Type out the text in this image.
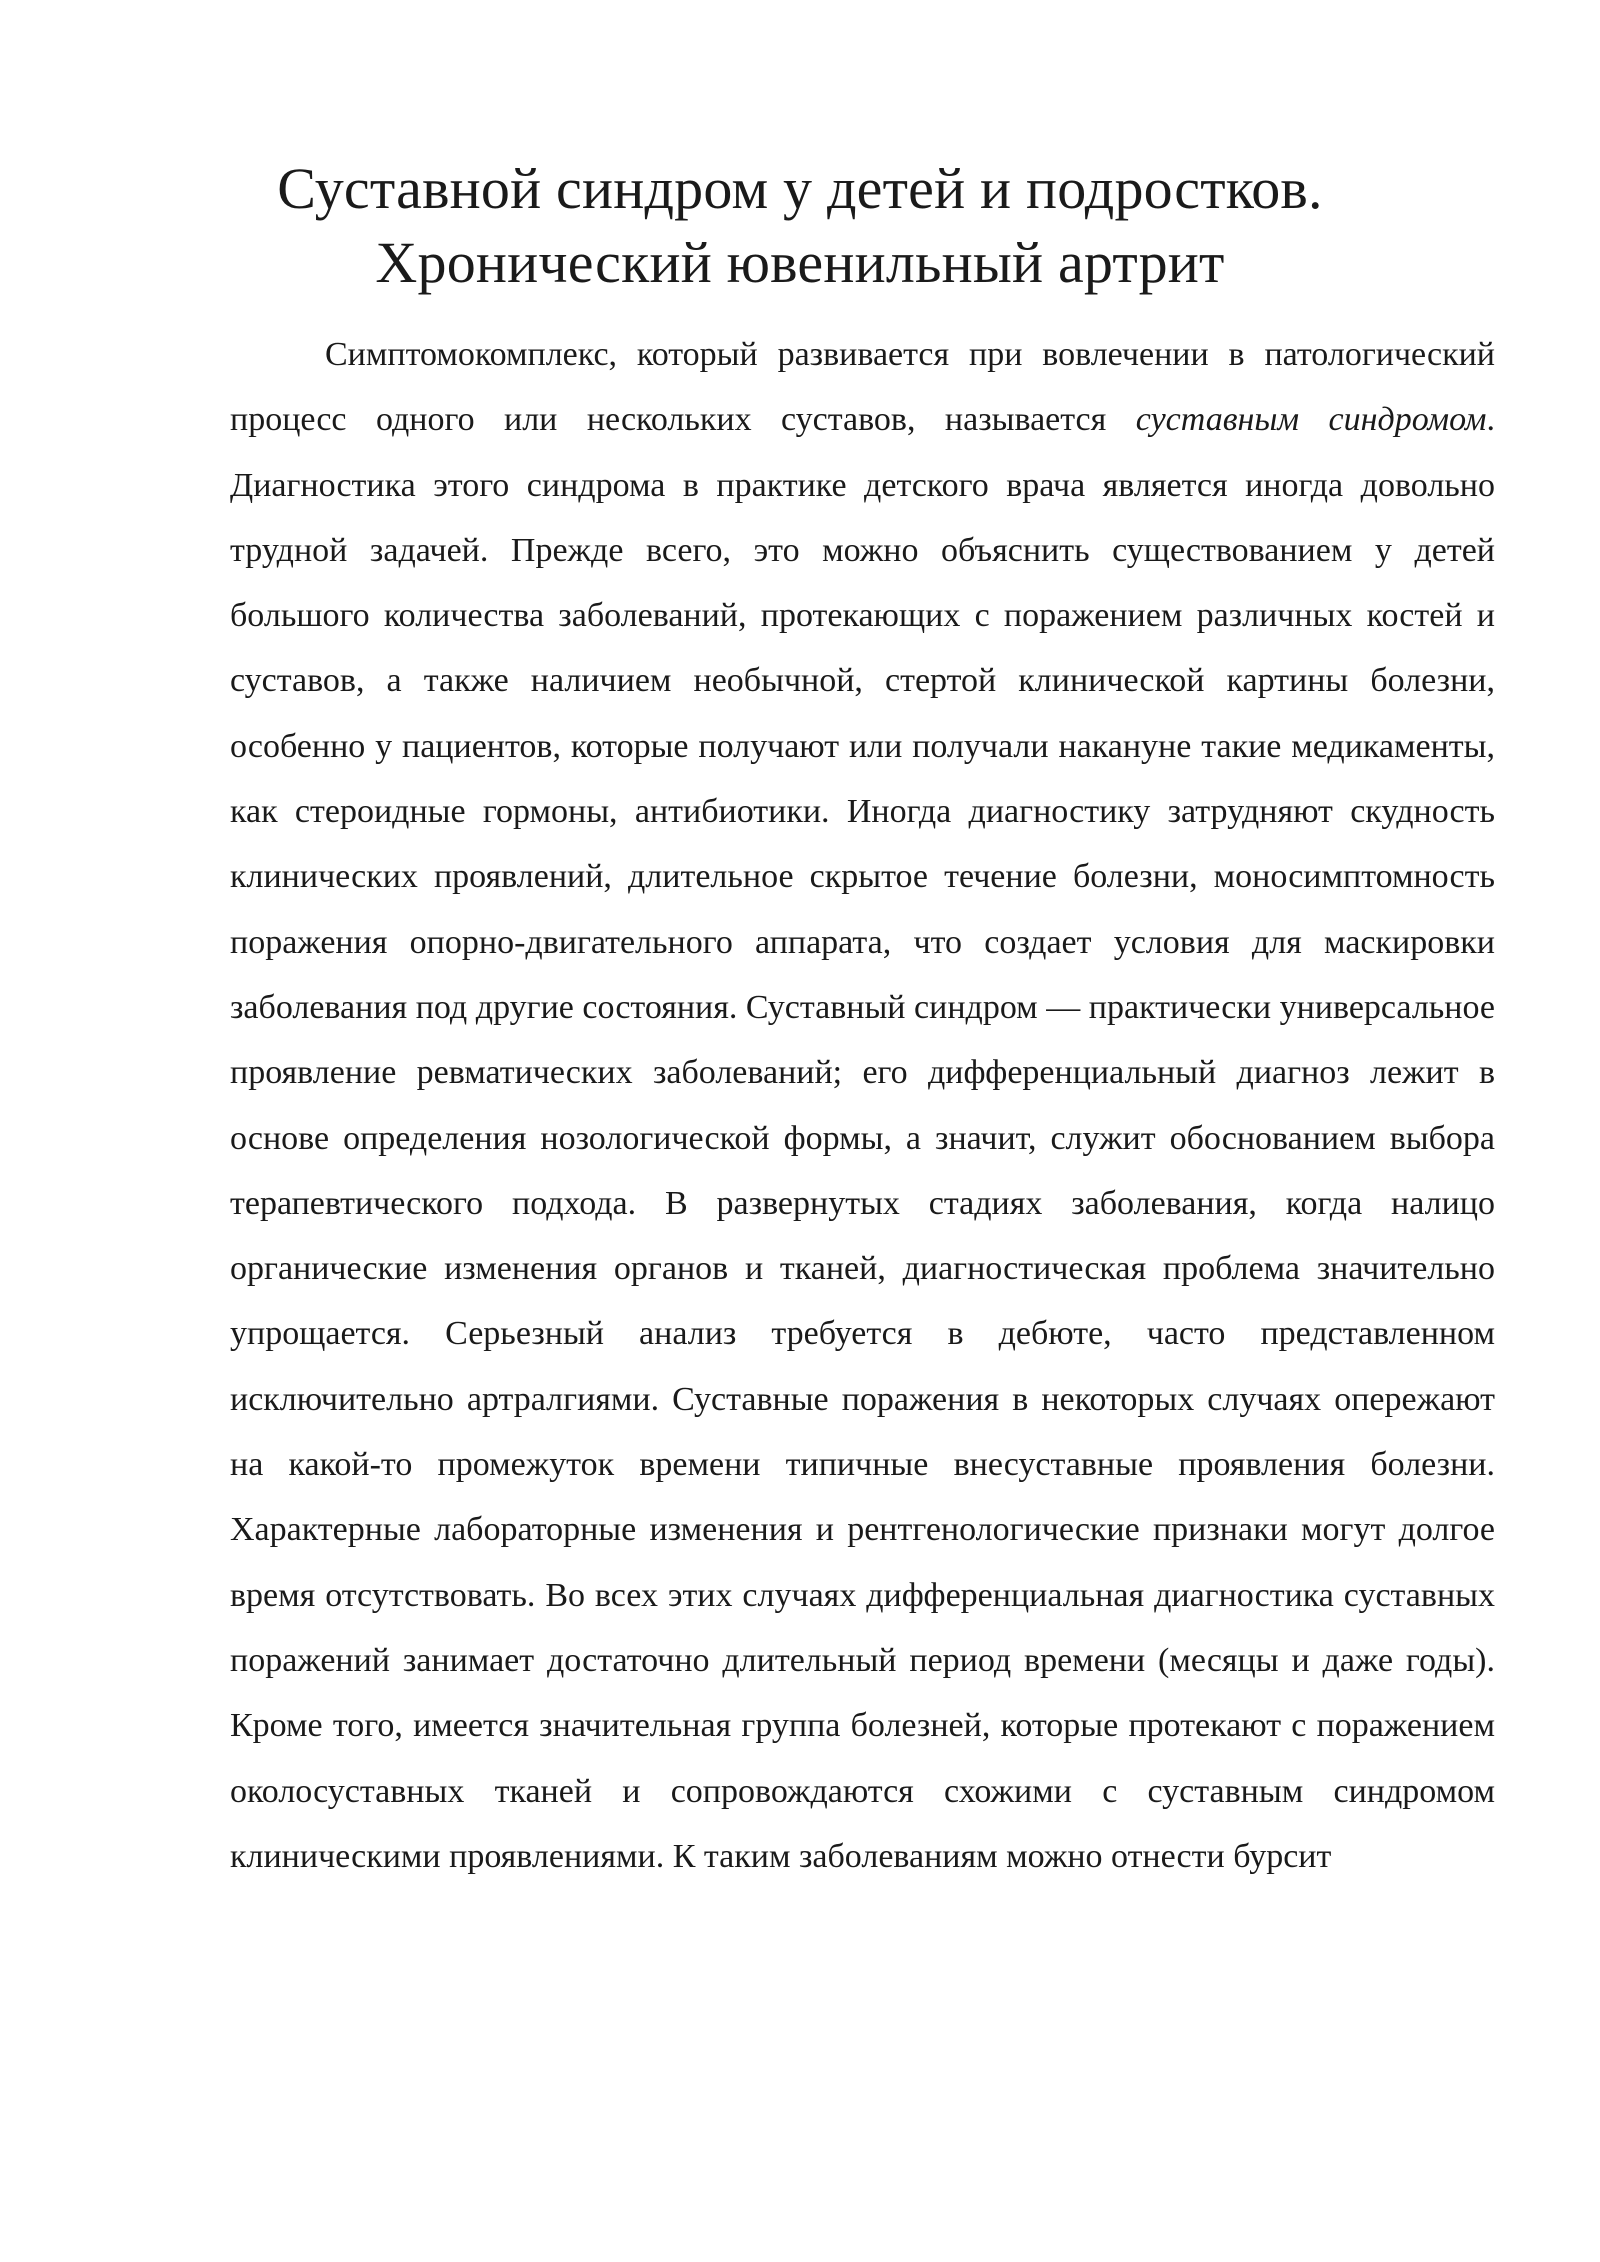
Суставной синдром у детей и подростков.
Хронический ювенильный артрит

Симптомокомплекс, который развивается при вовлечении в патологический процесс одного или нескольких суставов, называется суставным синдромом. Диагностика этого синдрома в практике детского врача является иногда довольно трудной задачей. Прежде всего, это можно объяснить существованием у детей большого количества заболеваний, протекающих с поражением различных костей и суставов, а также наличием необычной, стертой клинической картины болезни, особенно у пациентов, которые получают или получали накануне такие медикаменты, как стероидные гормоны, антибиотики. Иногда диагностику затрудняют скудность клинических проявлений, длительное скрытое течение болезни, моносимптомность поражения опорно-двигательного аппарата, что создает условия для маскировки заболевания под другие состояния. Суставный синдром — практически универсальное проявление ревматических заболеваний; его дифференциальный диагноз лежит в основе определения нозологической формы, а значит, служит обоснованием выбора терапевтического подхода. В развернутых стадиях заболевания, когда налицо органические изменения органов и тканей, диагностическая проблема значительно упрощается. Серьезный анализ требуется в дебюте, часто представленном исключительно артралгиями. Суставные поражения в некоторых случаях опережают на какой-то промежуток времени типичные внесуставные проявления болезни. Характерные лабораторные изменения и рентгенологические признаки могут долгое время отсутствовать. Во всех этих случаях дифференциальная диагностика суставных поражений занимает достаточно длительный период времени (месяцы и даже годы). Кроме того, имеется значительная группа болезней, которые протекают с поражением околосуставных тканей и сопровождаются схожими с суставным синдромом клиническими проявлениями. К таким заболеваниям можно отнести бурсит
